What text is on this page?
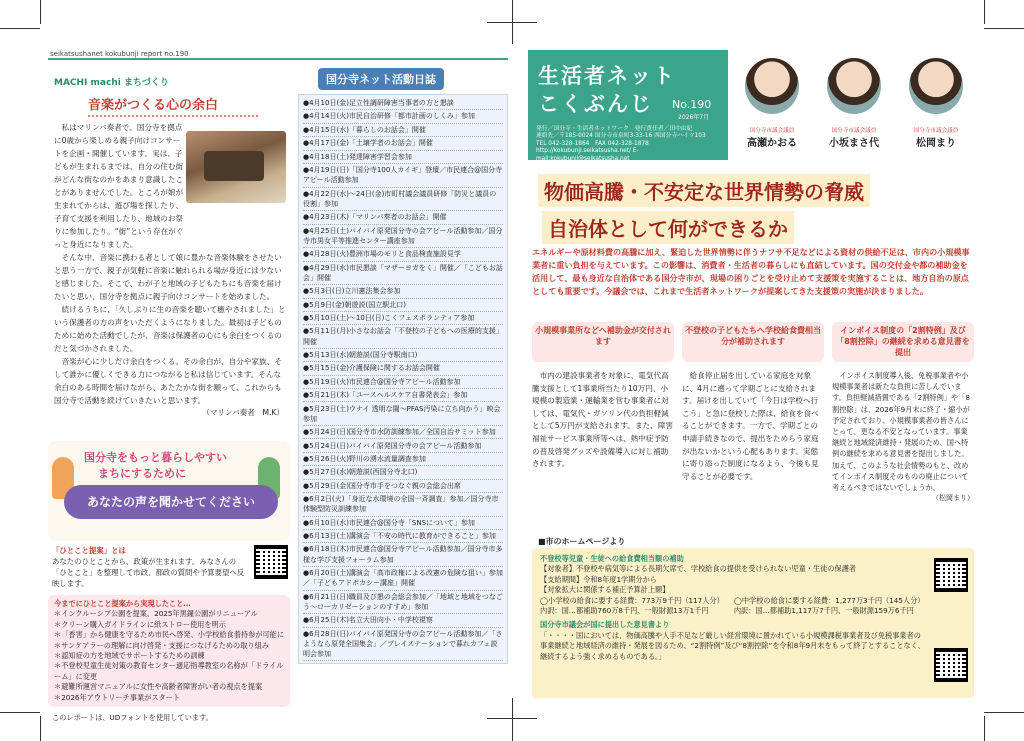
seikatsushanet kokubunji report no.190
MACHI machi まちづくり
音楽がつくる心の余白

私はマリンバ奏者で、国分寺を拠点に0歳から楽しめる親子向けコンサートを企画・開催しています。実は、子どもが生まれるまでは、自分の住む街がどんな街なのかをあまり意識したことがありませんでした。ところが娘が生まれてからは、遊び場を探したり、子育て支援を利用したり、地域のお祭りに参加したり。“街”という存在がぐっと身近になりました。

そんな中、音楽に携わる者として娘に豊かな音楽体験をさせたいと思う一方で、親子が気軽に音楽に触れられる場が身近には少ないと感じました。そこで、わが子と地域の子どもたちにも音楽を届けたいと思い、国分寺を拠点に親子向けコンサートを始めました。

続けるうちに、「久しぶりに生の音楽を聴いて癒やされました」という保護者の方の声をいただくようになりました。最初は子どものために始めた活動でしたが、音楽は保護者の心にも余白をつくるのだと気づかされました。

音楽が心に少しだけ余白をつくる。その余白が、自分や家族、そして誰かに優しくできる力につながると私は信じています。そんな余白のある時間を届けながら、あたたかな街を願って、これからも国分寺で活動を続けていきたいと思います。

（マリンバ奏者　M.K）
国分寺をもっと暮らしやすい
まちにするために
あなたの声を聞かせてください
「ひとこと提案」とは
あなたのひとことから、政策が生まれます。みなさんの「ひとこと」を整理して市政、都政の質問や予算要望へ反映します。
今までにひとこと提案から実現したこと…
＊インクルーシブ公園を提案、2025年黒鐘公園がリニューアル
＊クリーン購入ガイドラインに紙ストロー使用を明示
＊「香害」から健康を守るため市民へ啓発、小学校給食着持参が可能に
＊サンケアラーの理解に向け啓発・支援につなげるための取り組み
＊認知症の方を地域でサポートするための訓練
＊不登校児童生徒対策の教育センター適応指導教室の名称が「ドライルーム」に変更
＊避難所運営マニュアルに女性や高齢者障害がい者の視点を提案
＊2026年アウトリーチ事業がスタート
このレポートは、UDフォントを使用しています。
国分寺ネット活動日誌
●4月10日(金)足立性調研障害当事者の方と懇談
●4月14日(火)市民自治研修「都市計画のしくみ」参加
●4月15日(水)「暮らしのお話会」開催
●4月17日(金)「土壌学者のお話会」開催
●4月18日(土)発達障害学習会参加
●4月19日(日)「国分寺100人カイギ」登壇／市民連合@国分寺アピール活動参加
●4月22日(水)〜24日(金)市町村議会議員研修「防災と議員の役割」参加
●4月23日(木)「マリンバ奏者のお話会」開催
●4月25日(土)バイバイ原発国分寺の会アピール活動参加／国分寺市男女平等推進センター講座参加
●4月28日(火)豊洲市場のモリと食品検査施設見学
●4月29日(水)市民懇談「マザーヨガをく」開催／「こどもお話会」開催
●5月3日(日)立川憲法集会参加
●5月9日(金)朝遊説(国立駅北口)
●5月10日(土)〜10日(日)こくフェスボランティア参加
●5月11日(月)小さなお話会「不登校の子どもへの医療的支援」開催
●5月13日(水)朝遊説(国分寺駅南口)
●5月15日(金)介護保険に関するお話会開催
●5月19日(火)市民連合@国分寺アピール活動参加
●5月21日(木)「ユースヘルスケア自書発表会」参加
●5月23日(土)ウナイ 透明な闇〜PFAS汚染に立ち向かう」映会参加
●5月24日(日)国分寺市水防訓練参加／全国自治サミット参加
●5月24日(日)バイバイ原発国分寺の会アピール活動参加
●5月26日(火)野川の湧水流量調査参加
●5月27日(水)朝遊説(西国分寺北口)
●5月29日(金)国分寺市手をつなぐ親の会総会出席
●6月2日(火)「身近な水環境の全国一斉調査」参加／国分寺市体験型防災訓練参加
●6月10日(水)市民連合@国分寺「SNSについて」参加
●6月13日(土)講演会「不安の時代に教育ができること」参加
●6月18日(木)市民連合@国分寺アピール活動参加／国分寺市多様な学び支援フォーラム参加
●6月20日(土)講演会「高市政権による改憲の危険な狙い」参加／「子どもアドボカシー講座」開催
●6月21日(日)職員及び懇の会総会参加／「地域と地域をつなごう〜ローカリゼーションのすすめ」参加
●6月25日(木)名立大田向小・中学校視察
●6月28日(日)バイバイ原発国分寺の会アピール活動参加／「さようなら原発全国集会」／ブレイステーションで暮れカフェ説明会参加
生活者ネット
こくぶんじ No.190
2026年7月
発行／国分寺・生活者ネットワーク　発行責任者／田中由紀
連絡先／〒185-0024 国分寺市泉町3-33-16 西国分寺ハイツ103
TEL 042-328-1864　FAX 042-328-1878
http://kokubunji.seikatsusha.net/ E-mail:kokubunji@seikatsusha.net
国分寺市議会議員
高瀬かおる
国分寺市議会議員
小坂まさ代
国分寺市議会議員
松岡まり
物価高騰・不安定な世界情勢の脅威
自治体として何ができるか
エネルギーや原材料費の高騰に加え、緊迫した世界情勢に伴うナフサ不足などによる資材の供給不足は、市内の小規模事業者に重い負担を与えています。この影響は、消費者・生活者の暮らしにも直結しています。国の交付金や都の補助金を活用して、最も身近な自治体である国分寺市が、現場の困りごとを受け止めて支援策を実施することは、地方自治の原点としても重要です。今議会では、これまで生活者ネットワークが提案してきた支援策の実施が決まりました。
小規模事業所などへ補助金が交付されます
市内の建設事業者を対象に、電気代高騰支援として1事業所当たり10万円、小規模の製造業・運輸業を営む事業者に対しては、電気代・ガソリン代の負担軽減として5万円が支給されます。また、障害福祉サービス事業所等へは、熱中症予防の普及啓発グッズや設備導入に対し補助されます。
不登校の子どもたちへ学校給食費相当分が補助されます
給食停止届を出している家庭を対象に、4月に遡って学期ごとに支給されます。届けを出していて「今日は学校へ行こう」と急に登校した際は、給食を食べることができます。一方で、学期ごとの申請手続きなので、提出をためらう家庭が出ないかという心配もあります。実態に寄り添った制度になるよう、今後も見守ることが必要です。
インボイス制度の「2割特例」及び「8割控除」の継続を求める意見書を提出
インボイス制度導入後、免税事業者や小規模事業者は新たな負担に苦しんでいます。負担軽減措置である「2割特例」や「8割控除」は、2026年9月末に終了・縮小が予定されており、小規模事業者の皆さんにとって、更なる不安となっています。事業継続と地域経済維持・発展のため、国へ特例の継続を求める意見書を提出しました。加えて、このような社会情勢のもと、改めてインボイス制度そのものの廃止について考えるべきではないでしょうか。
（松岡まり）
■市のホームページより
不登校等児童・生徒への給食費相当額の補助
【対象者】不登校や病気等による長期欠席で、学校給食の提供を受けられない児童・生徒の保護者
【支給期間】令和8年度1学期分から
【対象拡大に関係する補正予算計上額】
◯小学校の給食に要する経費：773万9千円（117人分）
内訳：国…都補助760万8千円、一般財源13万1千円
◯中学校の給食に要する経費：1,277万3千円（145人分）
内訳：国…都補助1,117万7千円、一般財源159万6千円
国分寺市議会が国に提出した意見書より
「・・・・国においては、物価高騰や人手不足など厳しい経営環境に置かれている小規模課税事業者及び免税事業者の事業継続と地域経済の維持・発展を図るため、“2割特例”及び“8割控除”を令和8年9月末をもって終了とすることなく、継続するよう強く求めるものである。」
